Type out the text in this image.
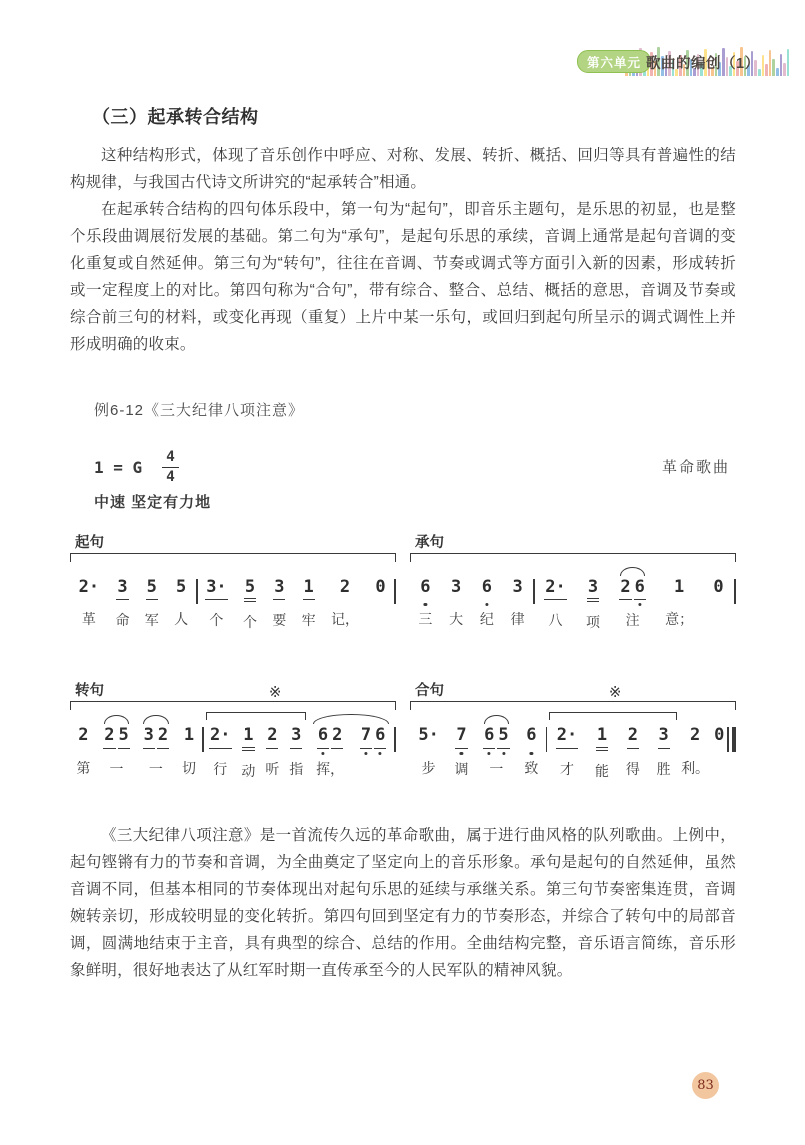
第六单元 歌曲的编创（1）
（三）起承转合结构

这种结构形式，体现了音乐创作中呼应、对称、发展、转折、概括、回归等具有普遍性的结构规律，与我国古代诗文所讲究的“起承转合”相通。

在起承转合结构的四句体乐段中，第一句为“起句”，即音乐主题句，是乐思的初显，也是整个乐段曲调展衍发展的基础。第二句为“承句”，是起句乐思的承续，音调上通常是起句音调的变化重复或自然延伸。第三句为“转句”，往往在音调、节奏或调式等方面引入新的因素，形成转折或一定程度上的对比。第四句称为“合句”，带有综合、整合、总结、概括的意思，音调及节奏或综合前三句的材料，或变化再现（重复）上片中某一乐句，或回归到起句所呈示的调式调性上并形成明确的收束。

例6-12《三大纪律八项注意》
1 = G $\frac{4}{4}$	革命歌曲
中速 坚定有力地
起句
2·
革
3
命
5
军
5
人
3·
个
5
个
3
要
1
牢
2
记，
0
承句
6
三
3
大
6
纪
3
律
2·
八
3
项
2 6
注
1
意；
0
转句	※
2
第
2 5
一
3 2
一
1
切
2·
行
1
动
2
听
3
指
6 2
挥，
7 6
合句	※
5·
步
7
调
6 5
一
6
致
2·
才
1
能
2
得
3
胜
2
利。
0

《三大纪律八项注意》是一首流传久远的革命歌曲，属于进行曲风格的队列歌曲。上例中，起句铿锵有力的节奏和音调，为全曲奠定了坚定向上的音乐形象。承句是起句的自然延伸，虽然音调不同，但基本相同的节奏体现出对起句乐思的延续与承继关系。第三句节奏密集连贯，音调婉转亲切，形成较明显的变化转折。第四句回到坚定有力的节奏形态，并综合了转句中的局部音调，圆满地结束于主音，具有典型的综合、总结的作用。全曲结构完整，音乐语言简练，音乐形象鲜明，很好地表达了从红军时期一直传承至今的人民军队的精神风貌。

83
